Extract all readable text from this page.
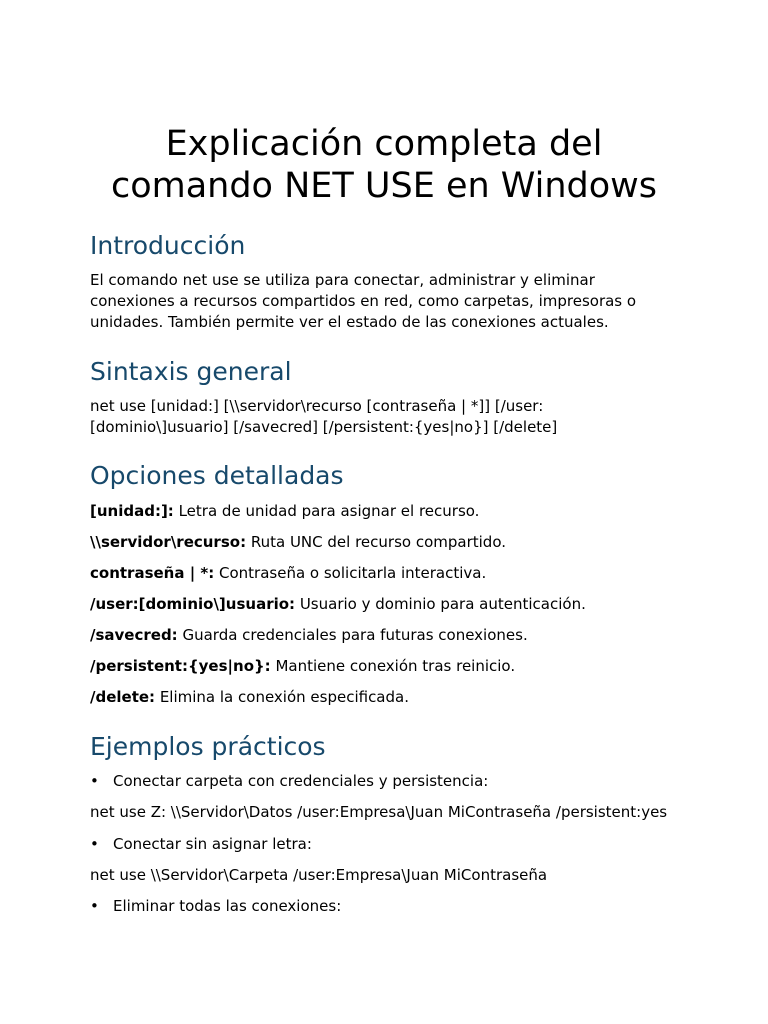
Explicación completa del
comando NET USE en Windows
Introducción

El comando net use se utiliza para conectar, administrar y eliminar conexiones a recursos compartidos en red, como carpetas, impresoras o unidades. También permite ver el estado de las conexiones actuales.

Sintaxis general

net use [unidad:] [\\servidor\recurso [contraseña | *]] [/user:

[dominio\]usuario] [/savecred] [/persistent:{yes|no}] [/delete]

Opciones detalladas

[unidad:]: Letra de unidad para asignar el recurso.

\\servidor\recurso: Ruta UNC del recurso compartido.

contraseña | *: Contraseña o solicitarla interactiva.

/user:[dominio\]usuario: Usuario y dominio para autenticación.

/savecred: Guarda credenciales para futuras conexiones.

/persistent:{yes|no}: Mantiene conexión tras reinicio.

/delete: Elimina la conexión especificada.

Ejemplos prácticos
• Conectar carpeta con credenciales y persistencia:

net use Z: \\Servidor\Datos /user:Empresa\Juan MiContraseña /persistent:yes

• Conectar sin asignar letra:

net use \\Servidor\Carpeta /user:Empresa\Juan MiContraseña

• Eliminar todas las conexiones:
